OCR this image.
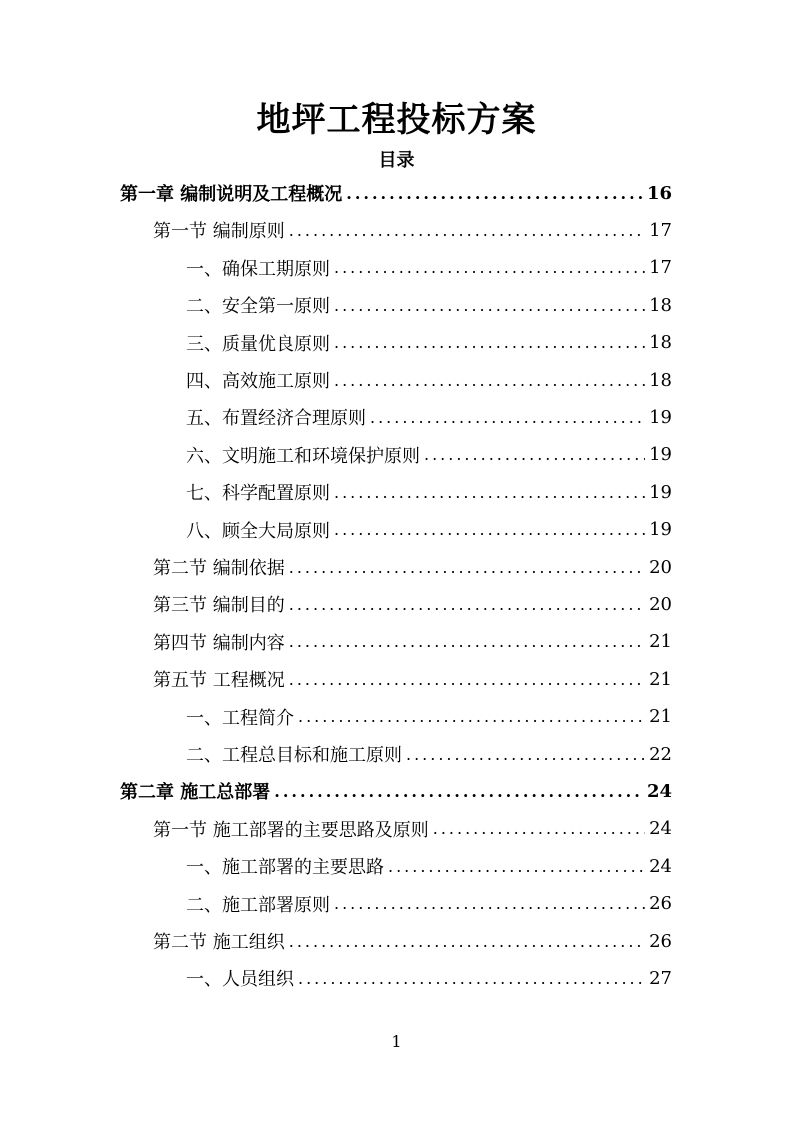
地坪工程投标方案
目录
第一章 编制说明及工程概况 .....	16
第一节 编制原则 .....	17
一、确保工期原则 .....	17
二、安全第一原则 .....	18
三、质量优良原则 .....	18
四、高效施工原则 .....	18
五、布置经济合理原则 .....	19
六、文明施工和环境保护原则 .....	19
七、科学配置原则 .....	19
八、顾全大局原则 .....	19
第二节 编制依据 .....	20
第三节 编制目的 .....	20
第四节 编制内容 .....	21
第五节 工程概况 .....	21
一、工程简介 .....	21
二、工程总目标和施工原则 .....	22
第二章 施工总部署 .....	24
第一节 施工部署的主要思路及原则 .....	24
一、施工部署的主要思路 .....	24
二、施工部署原则 .....	26
第二节 施工组织 .....	26
一、人员组织 .....	27
1
